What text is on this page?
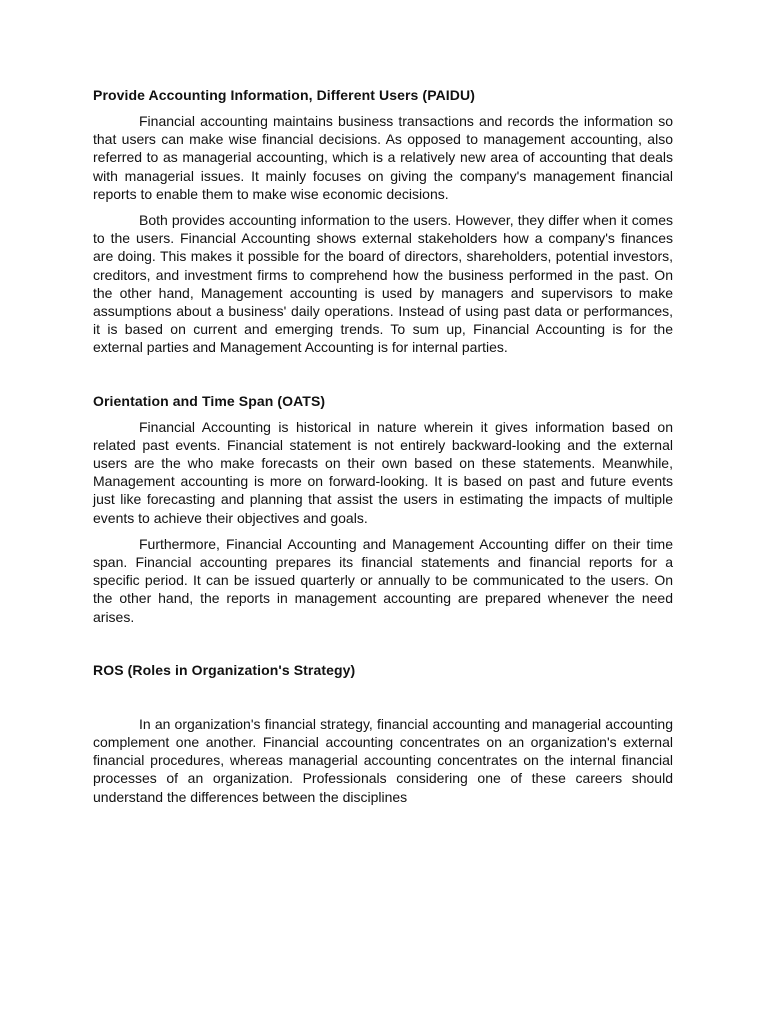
Provide Accounting Information, Different Users (PAIDU)

Financial accounting maintains business transactions and records the information so that users can make wise financial decisions. As opposed to management accounting, also referred to as managerial accounting, which is a relatively new area of accounting that deals with managerial issues. It mainly focuses on giving the company's management financial reports to enable them to make wise economic decisions.

Both provides accounting information to the users. However, they differ when it comes to the users. Financial Accounting shows external stakeholders how a company's finances are doing. This makes it possible for the board of directors, shareholders, potential investors, creditors, and investment firms to comprehend how the business performed in the past. On the other hand, Management accounting is used by managers and supervisors to make assumptions about a business' daily operations. Instead of using past data or performances, it is based on current and emerging trends. To sum up, Financial Accounting is for the external parties and Management Accounting is for internal parties.

Orientation and Time Span (OATS)

Financial Accounting is historical in nature wherein it gives information based on related past events. Financial statement is not entirely backward-looking and the external users are the who make forecasts on their own based on these statements. Meanwhile, Management accounting is more on forward-looking. It is based on past and future events just like forecasting and planning that assist the users in estimating the impacts of multiple events to achieve their objectives and goals.

Furthermore, Financial Accounting and Management Accounting differ on their time span. Financial accounting prepares its financial statements and financial reports for a specific period. It can be issued quarterly or annually to be communicated to the users. On the other hand, the reports in management accounting are prepared whenever the need arises.

ROS (Roles in Organization's Strategy)

In an organization's financial strategy, financial accounting and managerial accounting complement one another. Financial accounting concentrates on an organization's external financial procedures, whereas managerial accounting concentrates on the internal financial processes of an organization. Professionals considering one of these careers should understand the differences between the disciplines
